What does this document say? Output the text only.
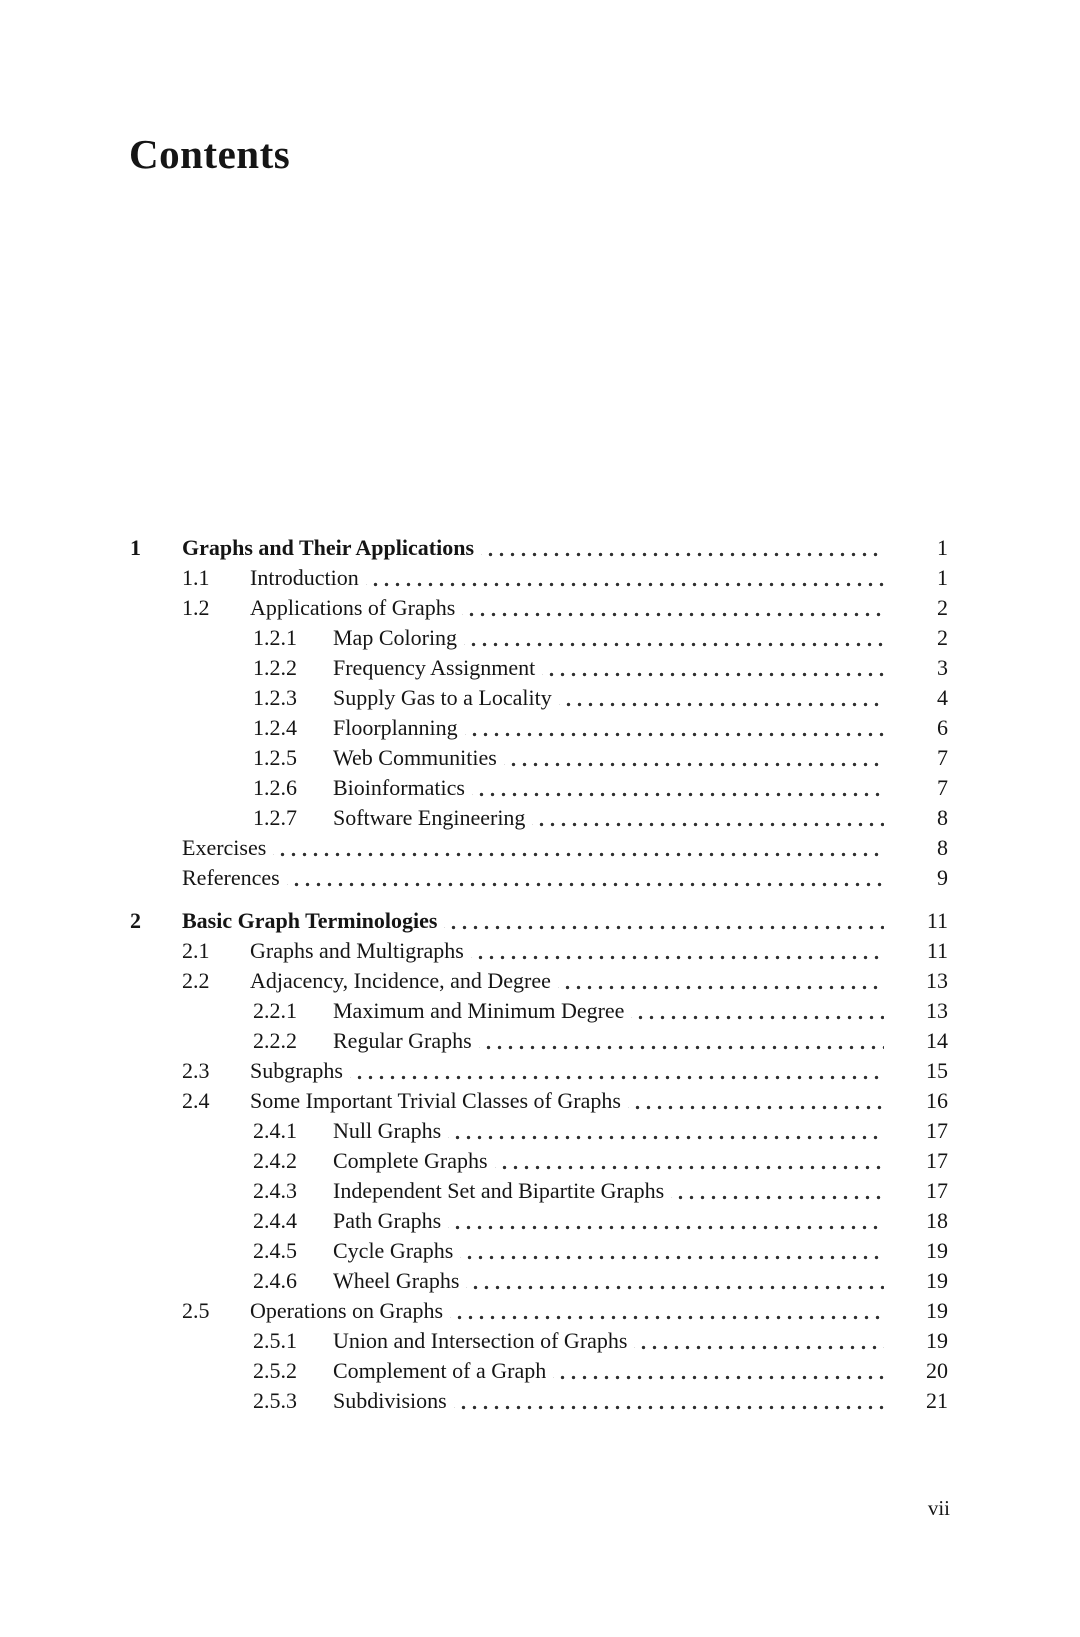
Contents
1	Graphs and Their Applications	1
1.1	Introduction	1
1.2	Applications of Graphs	2
1.2.1	Map Coloring	2
1.2.2	Frequency Assignment	3
1.2.3	Supply Gas to a Locality	4
1.2.4	Floorplanning	6
1.2.5	Web Communities	7
1.2.6	Bioinformatics	7
1.2.7	Software Engineering	8
Exercises	8
References	9
2	Basic Graph Terminologies	11
2.1	Graphs and Multigraphs	11
2.2	Adjacency, Incidence, and Degree	13
2.2.1	Maximum and Minimum Degree	13
2.2.2	Regular Graphs	14
2.3	Subgraphs	15
2.4	Some Important Trivial Classes of Graphs	16
2.4.1	Null Graphs	17
2.4.2	Complete Graphs	17
2.4.3	Independent Set and Bipartite Graphs	17
2.4.4	Path Graphs	18
2.4.5	Cycle Graphs	19
2.4.6	Wheel Graphs	19
2.5	Operations on Graphs	19
2.5.1	Union and Intersection of Graphs	19
2.5.2	Complement of a Graph	20
2.5.3	Subdivisions	21
vii
